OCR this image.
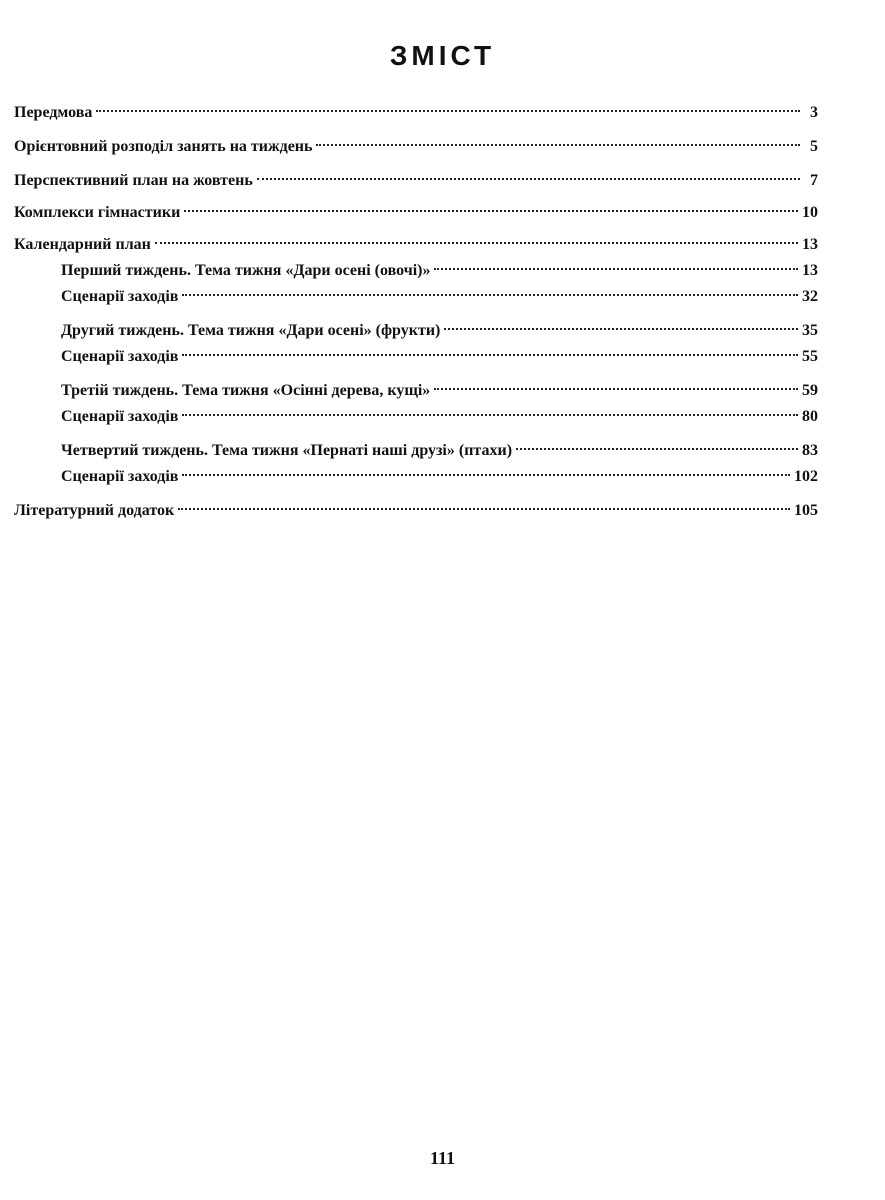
ЗМІСТ
Передмова	3
Орієнтовний розподіл занять на тиждень	5
Перспективний план на жовтень	7
Комплекси гімнастики	10
Календарний план	13
Перший тиждень. Тема тижня «Дари осені (овочі)»	13
Сценарії заходів	32
Другий тиждень. Тема тижня «Дари осені» (фрукти)	35
Сценарії заходів	55
Третій тиждень. Тема тижня «Осінні дерева, кущі»	59
Сценарії заходів	80
Четвертий тиждень. Тема тижня «Пернаті наші друзі» (птахи)	83
Сценарії заходів	102
Літературний додаток	105

111
